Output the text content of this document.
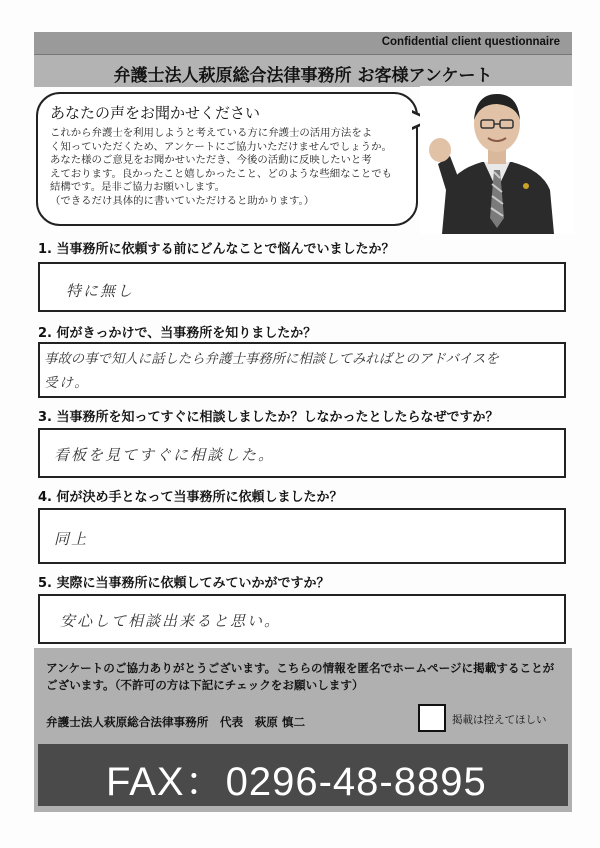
Confidential client questionnaire
弁護士法人萩原総合法律事務所 お客様アンケート
あなたの声をお聞かせください
これから弁護士を利用しようと考えている方に弁護士の活用方法をよ
く知っていただくため、アンケートにご協力いただけませんでしょうか。
あなた様のご意見をお聞かせいただき、今後の活動に反映したいと考
えております。良かったこと嬉しかったこと、どのような些細なことでも
結構です。是非ご協力お願いします。
（できるだけ具体的に書いていただけると助かります。）
1. 当事務所に依頼する前にどんなことで悩んでいましたか？
特に無し
2. 何がきっかけで、当事務所を知りましたか？
事故の事で知人に話したら弁護士事務所に相談してみればとのアドバイスを
受け。
3. 当事務所を知ってすぐに相談しましたか？しなかったとしたらなぜですか？
看板を見てすぐに相談した。
4. 何が決め手となって当事務所に依頼しましたか？
同上
5. 実際に当事務所に依頼してみていかがですか？
安心して相談出来ると思い。
アンケートのご協力ありがとうございます。こちらの情報を匿名でホームページに掲載することがございます。（不許可の方は下記にチェックをお願いします）
弁護士法人萩原総合法律事務所　代表　萩原 慎二	掲載は控えてほしい
FAX：0296-48-8895
